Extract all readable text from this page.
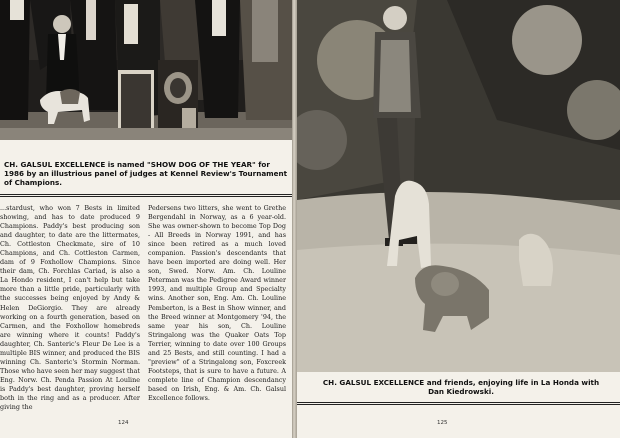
CH. GALSUL EXCELLENCE is named "SHOW DOG OF THE YEAR" for 1986 by an illustrious panel of judges at Kennel Review's Tournament of Champions.

...stardust, who won 7 Bests in limited showing, and has to date produced 9 Champions. Paddy's best producing son and daughter, to date are the littermates, Ch. Cottleston Checkmate, sire of 10 Champions, and Ch. Cottleston Carmen, dam of 9 Foxhollow Champions. Since their dam, Ch. Forchlas Cariad, is also a La Hondo resident, I can't help but take more than a little pride, particularly with the successes being enjoyed by Andy & Helen DeGiorgio. They are already working on a fourth generation, based on Carmen, and the Foxhollow homebreds are winning where it counts! Paddy's daughter, Ch. Santeric's Fleur De Lee is a multiple BIS winner, and produced the BIS winning Ch. Santeric's Stormin Norman. Those who have seen her may suggest that Eng. Norw. Ch. Penda Passion At Louline is Paddy's best daughter, proving herself both in the ring and as a producer. After giving the

Pedersens two litters, she went to Grethe Bergendahl in Norway, as a 6 year-old. She was owner-shown to become Top Dog - All Breeds in Norway 1991, and has since been retired as a much loved companion. Passion's descendants that have been imported are doing well. Her son, Swed. Norw. Am. Ch. Louline Peterman was the Pedigree Award winner 1993, and multiple Group and Specialty wins. Another son, Eng. Am. Ch. Louline Pemberton, is a Best in Show winner, and the Breed winner at Montgomery '94, the same year his son, Ch. Louline Stringalong was the Quaker Oats Top Terrier, winning to date over 100 Groups and 25 Bests, and still counting. I had a "preview" of a Stringalong son, Foxcreek Footsteps, that is sure to have a future. A complete line of Champion descendancy based on Irish, Eng. & Am. Ch. Galsul Excellence follows.

124
CH. GALSUL EXCELLENCE and friends, enjoying life in La Honda with Dan Kiedrowski.
125
